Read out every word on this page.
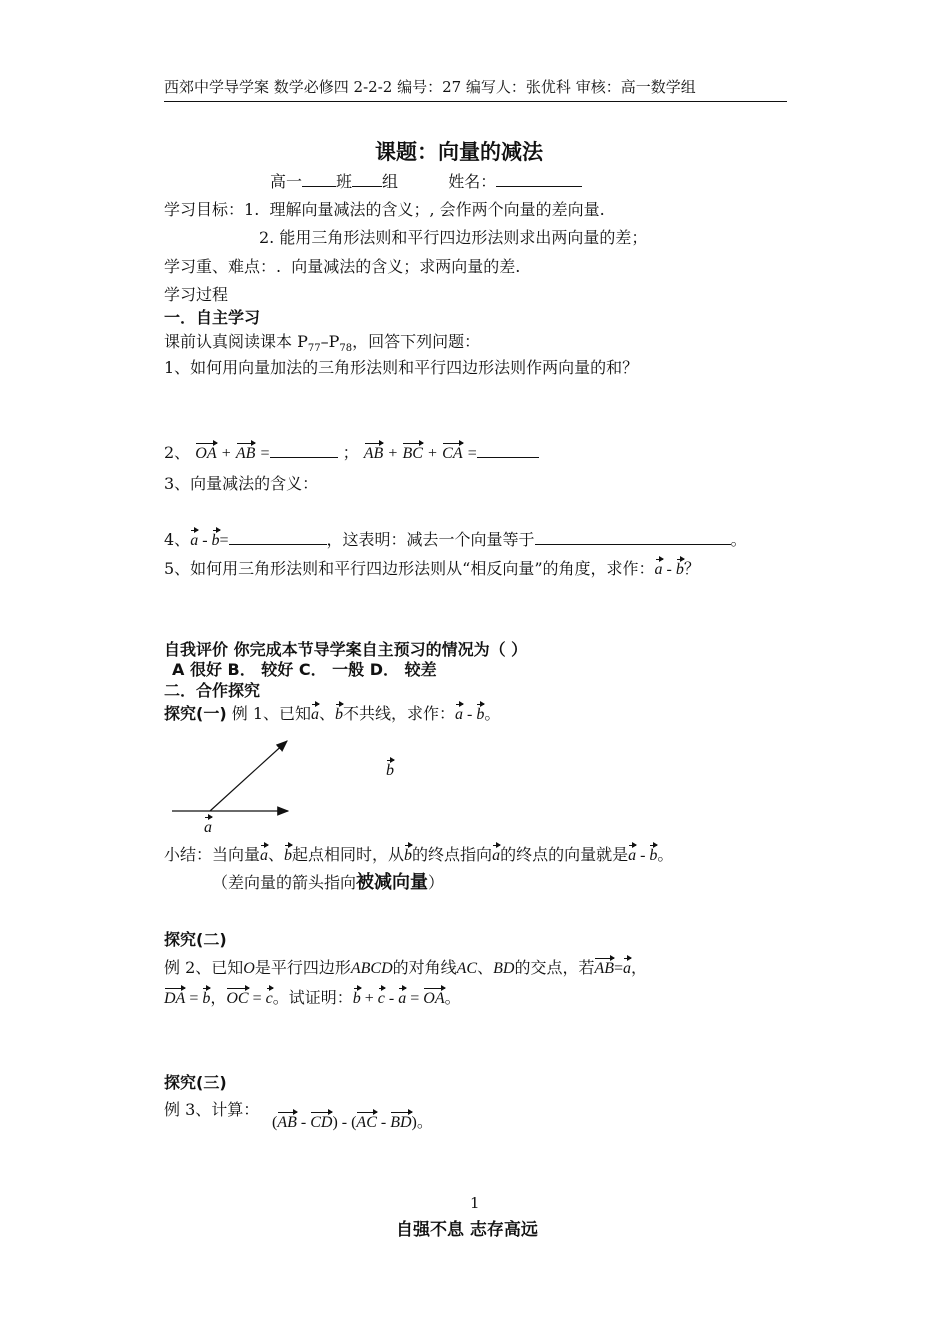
西郊中学导学案 数学必修四 2-2-2 编号：27 编写人：张优科 审核：高一数学组
课题：向量的减法
高一 班 组	姓名：
学习目标：1. 理解向量减法的含义；, 会作两个向量的差向量.
2. 能用三角形法则和平行四边形法则求出两向量的差；
学习重、难点：. 向量减法的含义；求两向量的差.
学习过程
一．自主学习
课前认真阅读课本 $P_{77}-P_{78}$，回答下列问题：
1、如何用向量加法的三角形法则和平行四边形法则作两向量的和？
2、 OA + AB =	； AB + BC + CA =
3、向量减法的含义：
4、a - b=	，这表明：减去一个向量等于	。
5、如何用三角形法则和平行四边形法则从“相反向量”的角度，求作：a - b？
自我评价 你完成本节导学案自主预习的情况为（ ）
A 很好 B． 较好 C． 一般 D． 较差
二．合作探究
探究(一) 例 1、已知a、b不共线，求作：a - b。
b
a
小结：当向量a、b起点相同时，从b的终点指向a的终点的向量就是a - b。
（差向量的箭头指向被减向量）
探究(二)
例 2、已知O是平行四边形ABCD的对角线AC、BD的交点，若AB=a，
DA = b，OC = c。试证明：b + c - a = OA。
探究(三)
例 3、计算：
(AB - CD) - (AC - BD)。
1
自强不息 志存高远
